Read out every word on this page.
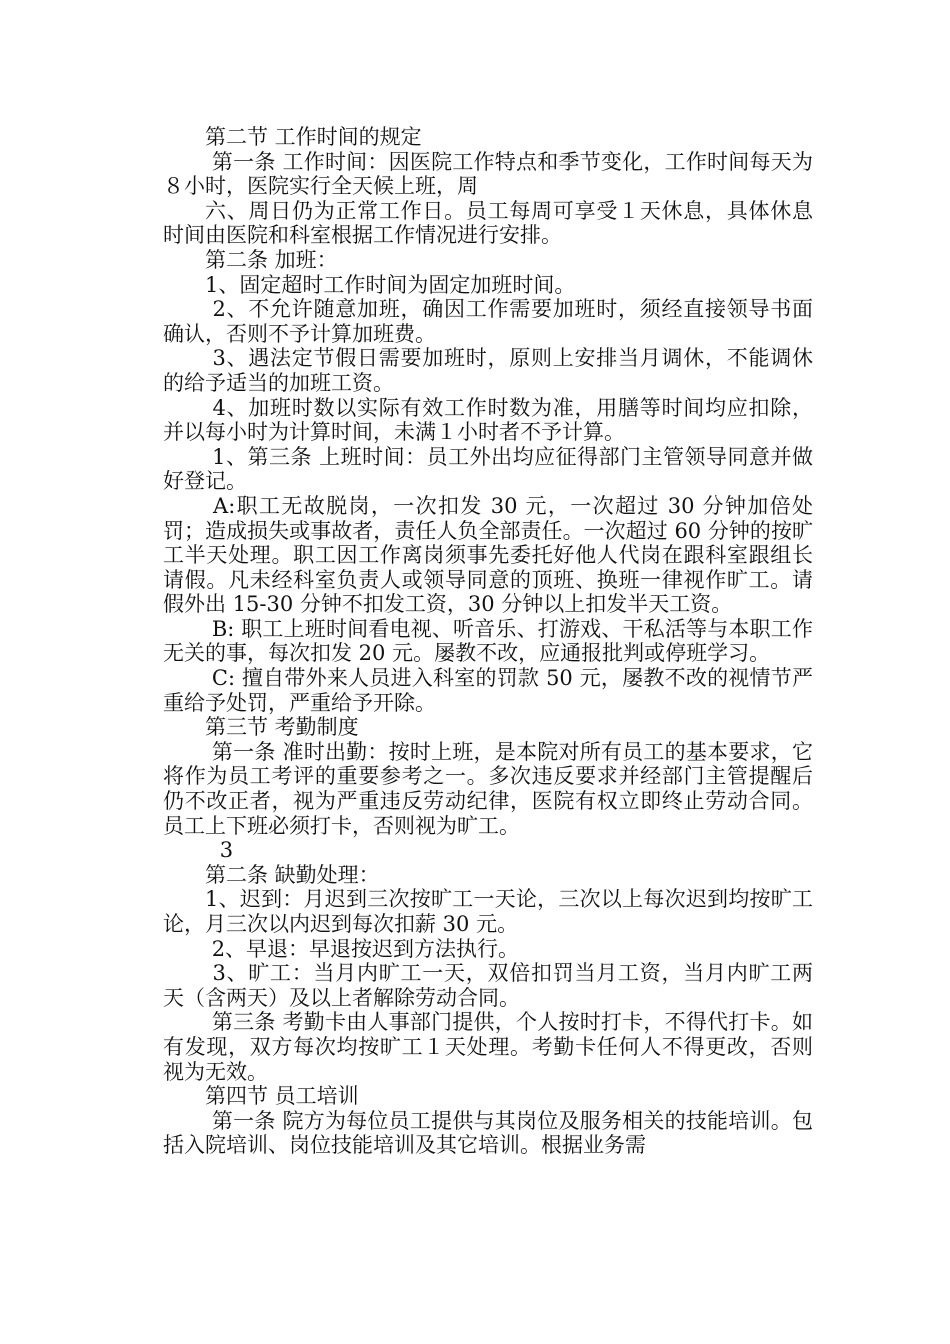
第二节 工作时间的规定

第一条 工作时间：因医院工作特点和季节变化，工作时间每天为８小时，医院实行全天候上班，周

六、周日仍为正常工作日。员工每周可享受１天休息，具体休息时间由医院和科室根据工作情况进行安排。

第二条 加班：

1、固定超时工作时间为固定加班时间。

2、不允许随意加班，确因工作需要加班时，须经直接领导书面确认，否则不予计算加班费。

3、遇法定节假日需要加班时，原则上安排当月调休，不能调休的给予适当的加班工资。

4、加班时数以实际有效工作时数为准，用膳等时间均应扣除，并以每小时为计算时间，未满１小时者不予计算。

1、第三条 上班时间：员工外出均应征得部门主管领导同意并做好登记。

A:职工无故脱岗，一次扣发 30 元，一次超过 30 分钟加倍处罚；造成损失或事故者，责任人负全部责任。一次超过 60 分钟的按旷工半天处理。职工因工作离岗须事先委托好他人代岗在跟科室跟组长请假。凡未经科室负责人或领导同意的顶班、换班一律视作旷工。请假外出 15-30 分钟不扣发工资，30 分钟以上扣发半天工资。

B: 职工上班时间看电视、听音乐、打游戏、干私活等与本职工作无关的事，每次扣发 20 元。屡教不改，应通报批判或停班学习。

C: 擅自带外来人员进入科室的罚款 50 元，屡教不改的视情节严重给予处罚，严重给予开除。

第三节 考勤制度

第一条 准时出勤：按时上班，是本院对所有员工的基本要求，它将作为员工考评的重要参考之一。多次违反要求并经部门主管提醒后仍不改正者，视为严重违反劳动纪律，医院有权立即终止劳动合同。员工上下班必须打卡，否则视为旷工。

3

第二条 缺勤处理：

1、迟到：月迟到三次按旷工一天论，三次以上每次迟到均按旷工论，月三次以内迟到每次扣薪 30 元。

2、早退：早退按迟到方法执行。

3、旷工：当月内旷工一天，双倍扣罚当月工资，当月内旷工两天（含两天）及以上者解除劳动合同。

第三条 考勤卡由人事部门提供，个人按时打卡，不得代打卡。如有发现，双方每次均按旷工１天处理。考勤卡任何人不得更改，否则视为无效。

第四节 员工培训

第一条 院方为每位员工提供与其岗位及服务相关的技能培训。包括入院培训、岗位技能培训及其它培训。根据业务需
